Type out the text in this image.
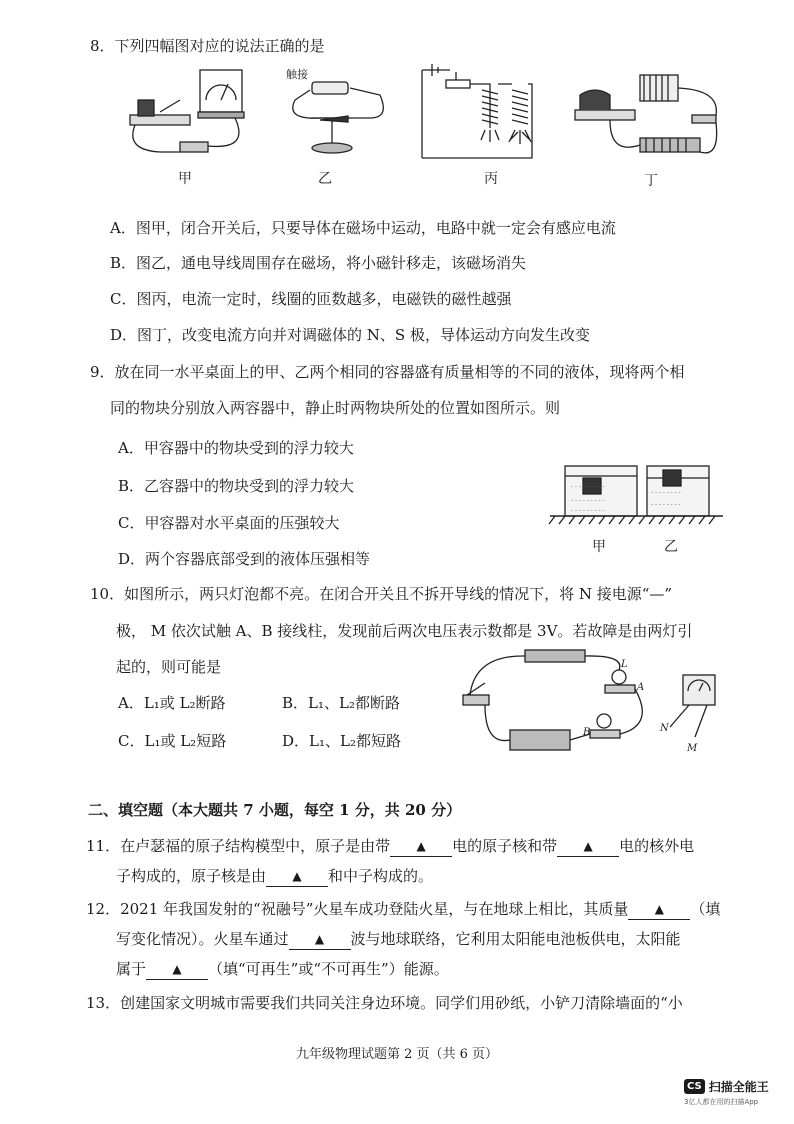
8．下列四幅图对应的说法正确的是
甲	乙	丙	丁
触接
A．图甲，闭合开关后，只要导体在磁场中运动，电路中就一定会有感应电流
B．图乙，通电导线周围存在磁场，将小磁针移走，该磁场消失
C．图丙，电流一定时，线圈的匝数越多，电磁铁的磁性越强
D．图丁，改变电流方向并对调磁体的 N、S 极，导体运动方向发生改变
9．放在同一水平桌面上的甲、乙两个相同的容器盛有质量相等的不同的液体，现将两个相
同的物块分别放入两容器中，静止时两物块所处的位置如图所示。则
A．甲容器中的物块受到的浮力较大
B．乙容器中的物块受到的浮力较大
C．甲容器对水平桌面的压强较大
D．两个容器底部受到的液体压强相等
- - - - - - - - -
- - - - - - - - -
- - - - - - - - -
- - - - - - - -
- - - - - - - -
甲	乙
10．如图所示，两只灯泡都不亮。在闭合开关且不拆开导线的情况下，将 N 接电源“—”
极， M 依次试触 A、B 接线柱，发现前后两次电压表示数都是 3V。若故障是由两灯引
起的，则可能是
A．L₁或 L₂断路	B．L₁、L₂都断路
C．L₁或 L₂短路	D．L₁、L₂都短路
L
A
B	N
M
二、填空题（本大题共 7 小题，每空 1 分，共 20 分）
11．在卢瑟福的原子结构模型中，原子是由带 ▲ 电的原子核和带 ▲ 电的核外电
子构成的，原子核是由 ▲ 和中子构成的。
12．2021 年我国发射的“祝融号”火星车成功登陆火星，与在地球上相比，其质量 ▲ （填
写变化情况）。火星车通过 ▲ 波与地球联络，它利用太阳能电池板供电，太阳能
属于 ▲ （填“可再生”或“不可再生”）能源。
13．创建国家文明城市需要我们共同关注身边环境。同学们用砂纸，小铲刀清除墙面的“小
九年级物理试题第 2 页（共 6 页）
CS 扫描全能王
3亿人都在用的扫描App
